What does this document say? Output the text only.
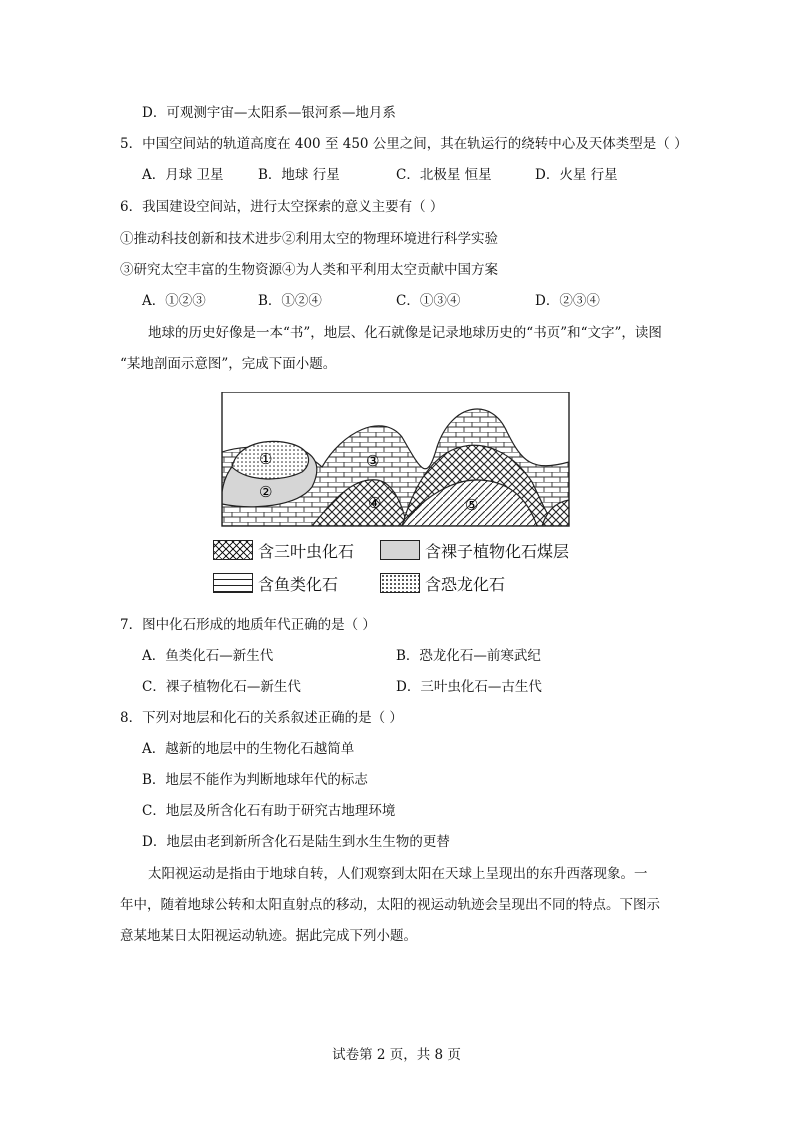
D．可观测宇宙—太阳系—银河系—地月系
5．中国空间站的轨道高度在 400 至 450 公里之间，其在轨运行的绕转中心及天体类型是（ ）
A．月球 卫星	B．地球 行星	C．北极星 恒星	D．火星 行星
6．我国建设空间站，进行太空探索的意义主要有（ ）
①推动科技创新和技术进步②利用太空的物理环境进行科学实验
③研究太空丰富的生物资源④为人类和平利用太空贡献中国方案
A．①②③	B．①②④	C．①③④	D．②③④
地球的历史好像是一本“书”，地层、化石就像是记录地球历史的“书页”和“文字”，读图
“某地剖面示意图”，完成下面小题。
①
②
③
④	⑤
含三叶虫化石	含裸子植物化石煤层
含鱼类化石	含恐龙化石
7．图中化石形成的地质年代正确的是（ ）
A．鱼类化石—新生代	B．恐龙化石—前寒武纪
C．裸子植物化石—新生代	D．三叶虫化石—古生代
8．下列对地层和化石的关系叙述正确的是（ ）
A．越新的地层中的生物化石越简单
B．地层不能作为判断地球年代的标志
C．地层及所含化石有助于研究古地理环境
D．地层由老到新所含化石是陆生到水生生物的更替
太阳视运动是指由于地球自转，人们观察到太阳在天球上呈现出的东升西落现象。一
年中，随着地球公转和太阳直射点的移动，太阳的视运动轨迹会呈现出不同的特点。下图示
意某地某日太阳视运动轨迹。据此完成下列小题。
试卷第 2 页，共 8 页
